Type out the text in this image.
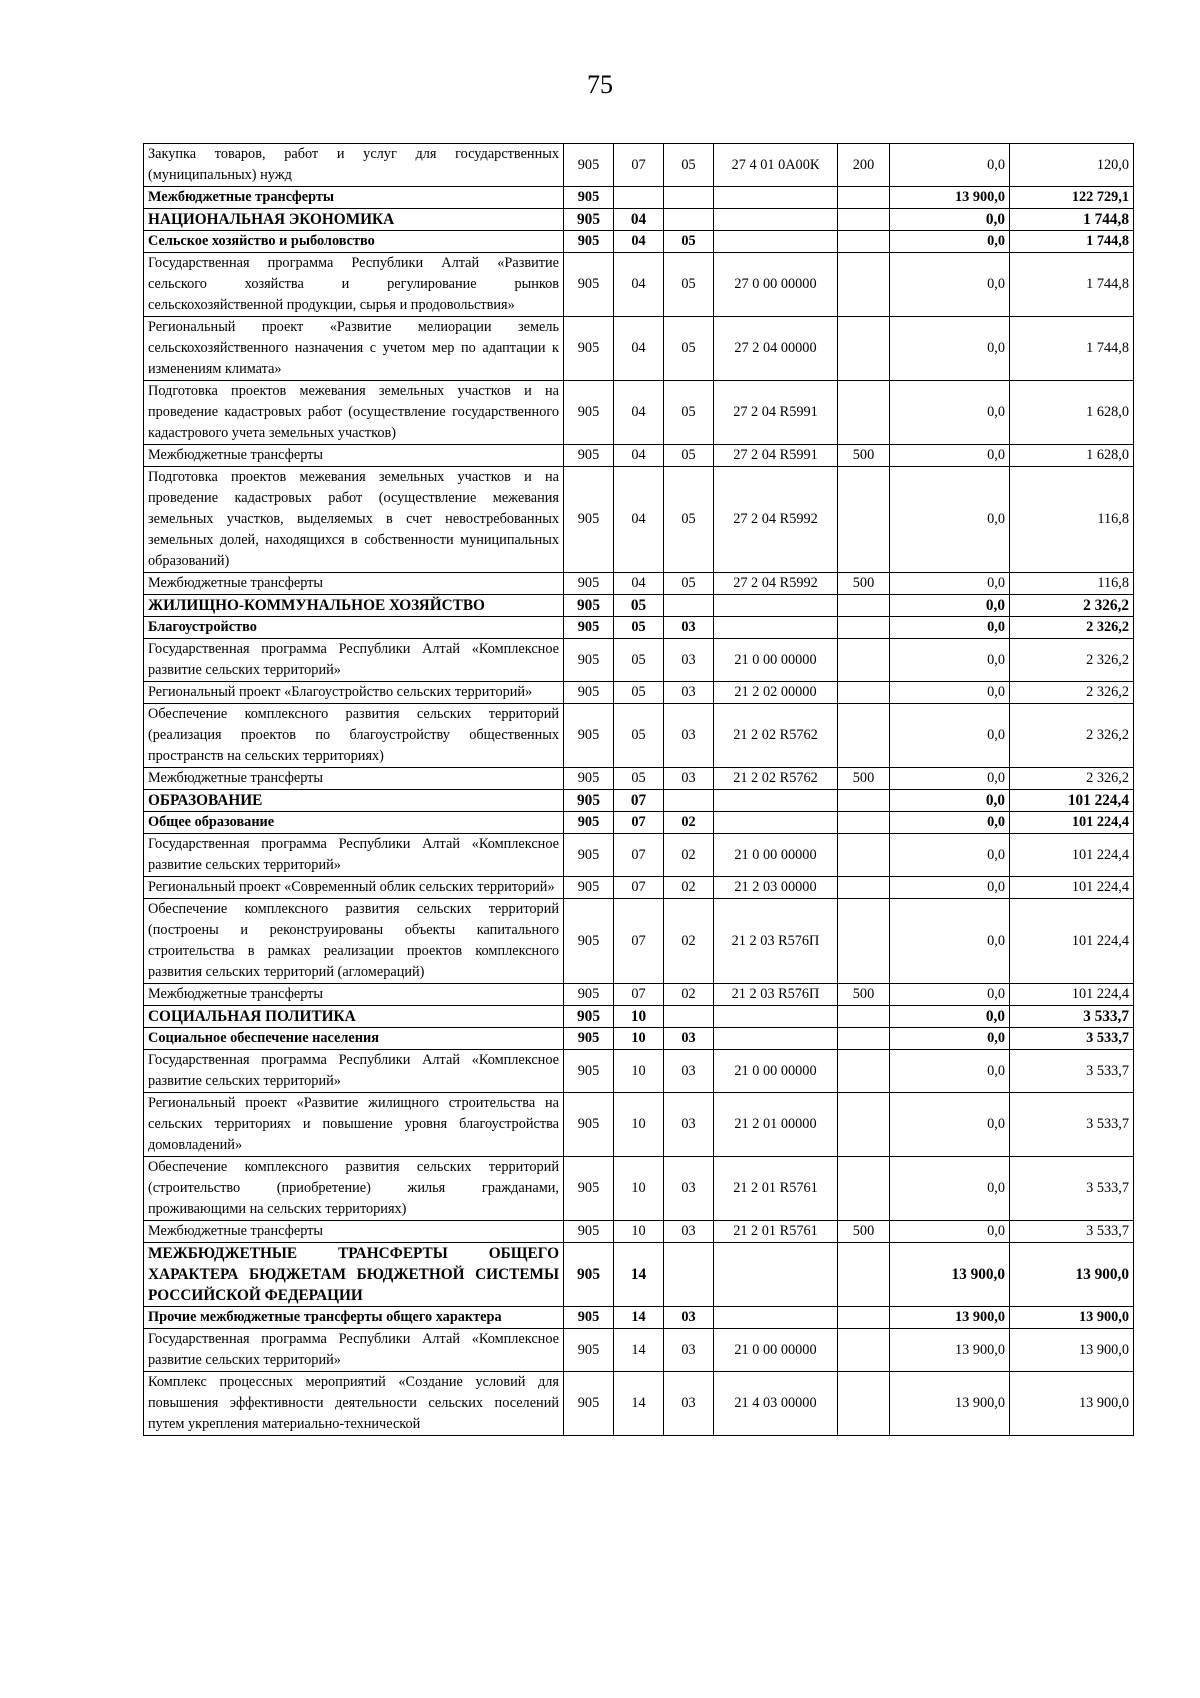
75
Закупка товаров, работ и услуг для государственных (муниципальных) нужд	905	07	05	27 4 01 0А00К	200	0,0	120,0
Межбюджетные трансферты	905					13 900,0	122 729,1
НАЦИОНАЛЬНАЯ ЭКОНОМИКА	905	04				0,0	1 744,8
Сельское хозяйство и рыболовство	905	04	05			0,0	1 744,8
Государственная программа Республики Алтай «Развитие сельского хозяйства и регулирование рынков сельскохозяйственной продукции, сырья и продовольствия»	905	04	05	27 0 00 00000		0,0	1 744,8
Региональный проект «Развитие мелиорации земель сельскохозяйственного назначения с учетом мер по адаптации к изменениям климата»	905	04	05	27 2 04 00000		0,0	1 744,8
Подготовка проектов межевания земельных участков и на проведение кадастровых работ (осуществление государственного кадастрового учета земельных участков)	905	04	05	27 2 04 R5991		0,0	1 628,0
Межбюджетные трансферты	905	04	05	27 2 04 R5991	500	0,0	1 628,0
Подготовка проектов межевания земельных участков и на проведение кадастровых работ (осуществление межевания земельных участков, выделяемых в счет невостребованных земельных долей, находящихся в собственности муниципальных образований)	905	04	05	27 2 04 R5992		0,0	116,8
Межбюджетные трансферты	905	04	05	27 2 04 R5992	500	0,0	116,8
ЖИЛИЩНО-КОММУНАЛЬНОЕ ХОЗЯЙСТВО	905	05				0,0	2 326,2
Благоустройство	905	05	03			0,0	2 326,2
Государственная программа Республики Алтай «Комплексное развитие сельских территорий»	905	05	03	21 0 00 00000		0,0	2 326,2
Региональный проект «Благоустройство сельских территорий»	905	05	03	21 2 02 00000		0,0	2 326,2
Обеспечение комплексного развития сельских территорий (реализация проектов по благоустройству общественных пространств на сельских территориях)	905	05	03	21 2 02 R5762		0,0	2 326,2
Межбюджетные трансферты	905	05	03	21 2 02 R5762	500	0,0	2 326,2
ОБРАЗОВАНИЕ	905	07				0,0	101 224,4
Общее образование	905	07	02			0,0	101 224,4
Государственная программа Республики Алтай «Комплексное развитие сельских территорий»	905	07	02	21 0 00 00000		0,0	101 224,4
Региональный проект «Современный облик сельских территорий»	905	07	02	21 2 03 00000		0,0	101 224,4
Обеспечение комплексного развития сельских территорий (построены и реконструированы объекты капитального строительства в рамках реализации проектов комплексного развития сельских территорий (агломераций)	905	07	02	21 2 03 R576П		0,0	101 224,4
Межбюджетные трансферты	905	07	02	21 2 03 R576П	500	0,0	101 224,4
СОЦИАЛЬНАЯ ПОЛИТИКА	905	10				0,0	3 533,7
Социальное обеспечение населения	905	10	03			0,0	3 533,7
Государственная программа Республики Алтай «Комплексное развитие сельских территорий»	905	10	03	21 0 00 00000		0,0	3 533,7
Региональный проект «Развитие жилищного строительства на сельских территориях и повышение уровня благоустройства домовладений»	905	10	03	21 2 01 00000		0,0	3 533,7
Обеспечение комплексного развития сельских территорий (строительство (приобретение) жилья гражданами, проживающими на сельских территориях)	905	10	03	21 2 01 R5761		0,0	3 533,7
Межбюджетные трансферты	905	10	03	21 2 01 R5761	500	0,0	3 533,7
МЕЖБЮДЖЕТНЫЕ ТРАНСФЕРТЫ ОБЩЕГО ХАРАКТЕРА БЮДЖЕТАМ БЮДЖЕТНОЙ СИСТЕМЫ РОССИЙСКОЙ ФЕДЕРАЦИИ	905	14				13 900,0	13 900,0
Прочие межбюджетные трансферты общего характера	905	14	03			13 900,0	13 900,0
Государственная программа Республики Алтай «Комплексное развитие сельских территорий»	905	14	03	21 0 00 00000		13 900,0	13 900,0
Комплекс процессных мероприятий «Создание условий для повышения эффективности деятельности сельских поселений путем укрепления материально-технической	905	14	03	21 4 03 00000		13 900,0	13 900,0
